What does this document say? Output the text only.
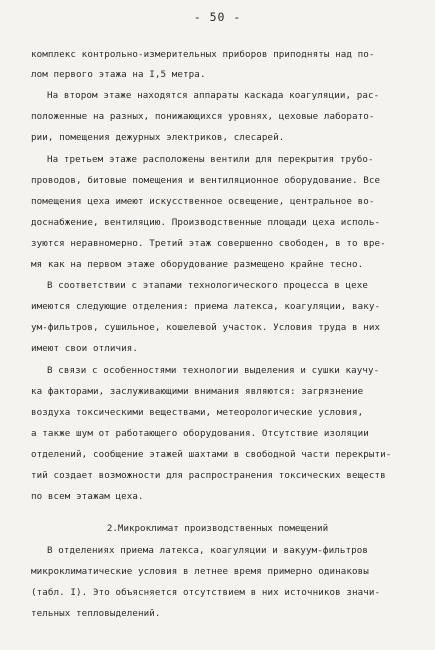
- 50 -
комплекс контрольно-измерительных приборов приподняты над по-
лом первого этажа на I,5 метра.
На втором этаже находятся аппараты каскада коагуляции, рас-
положенные на разных, понижающихся уровнях, цеховые лаборато-
рии, помещения дежурных электриков, слесарей.
На третьем этаже расположены вентили для перекрытия трубо-
проводов, битовые помещения и вентиляционное оборудование. Все
помещения цеха имеют искусственное освещение, центральное во-
доснабжение, вентиляцию. Производственные площади цеха исполь-
зуются неравномерно. Третий этаж совершенно свободен, в то вре-
мя как на первом этаже оборудование размещено крайне тесно.
В соответствии с этапами технологического процесса в цехе
имеются следующие отделения: приема латекса, коагуляции, ваку-
ум-фильтров, сушильное, кошелевой участок. Условия труда в них
имеют свои отличия.
В связи с особенностями технологии выделения и сушки каучу-
ка факторами, заслуживающими внимания являются: загрязнение
воздуха токсическими веществами, метеорологические условия,
а также шум от работающего оборудования. Отсутствие изоляции
отделений, сообщение этажей шахтами в свободной части перекрыти-
тий создает возможности для распространения токсических веществ
по всем этажам цеха.
2.Микроклимат производственных помещений
В отделениях приема латекса, коагуляции и вакуум-фильтров
микроклиматические условия в летнее время примерно одинаковы
(табл. I). Это объясняется отсутствием в них источников значи-
тельных тепловыделений.
